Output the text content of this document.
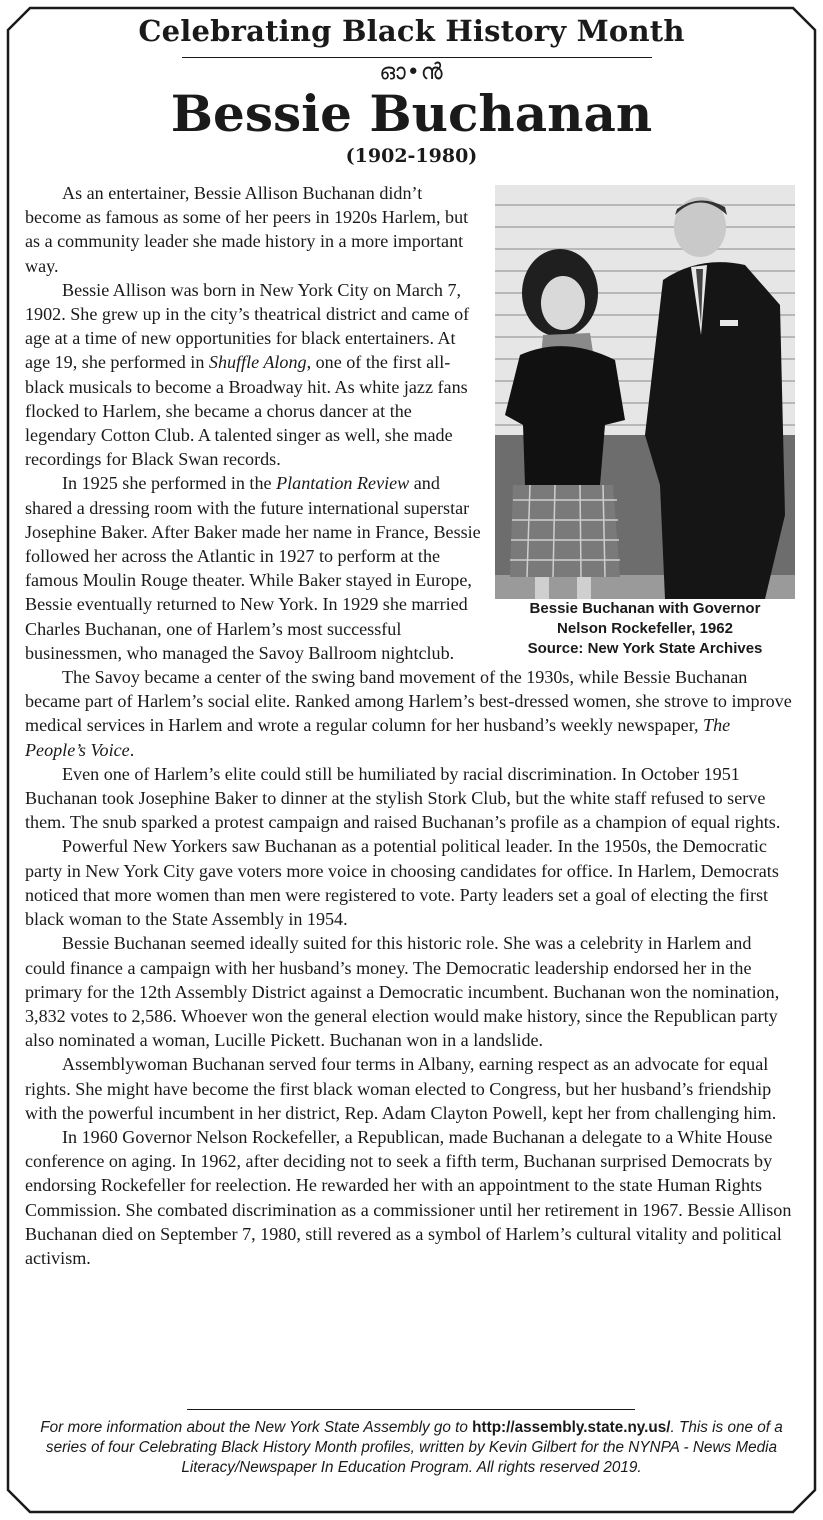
Celebrating Black History Month
ഓ•ൻ
Bessie Buchanan
(1902-1980)
Bessie Buchanan with Governor
Nelson Rockefeller, 1962
Source: New York State Archives

As an entertainer, Bessie Allison Buchanan didn’t become as famous as some of her peers in 1920s Harlem, but as a community leader she made history in a more important way.

Bessie Allison was born in New York City on March 7, 1902. She grew up in the city’s theatrical district and came of age at a time of new opportunities for black entertainers. At age 19, she performed in Shuffle Along, one of the first all-black musicals to become a Broadway hit. As white jazz fans flocked to Harlem, she became a chorus dancer at the legendary Cotton Club. A talented singer as well, she made recordings for Black Swan records.

In 1925 she performed in the Plantation Review and shared a dressing room with the future international superstar Josephine Baker. After Baker made her name in France, Bessie followed her across the Atlantic in 1927 to perform at the famous Moulin Rouge theater. While Baker stayed in Europe, Bessie eventually returned to New York. In 1929 she married Charles Buchanan, one of Harlem’s most successful businessmen, who managed the Savoy Ballroom nightclub.

The Savoy became a center of the swing band movement of the 1930s, while Bessie Buchanan became part of Harlem’s social elite. Ranked among Harlem’s best-dressed women, she strove to improve medical services in Harlem and wrote a regular column for her husband’s weekly newspaper, The People’s Voice.

Even one of Harlem’s elite could still be humiliated by racial discrimination. In October 1951 Buchanan took Josephine Baker to dinner at the stylish Stork Club, but the white staff refused to serve them. The snub sparked a protest campaign and raised Buchanan’s profile as a champion of equal rights.

Powerful New Yorkers saw Buchanan as a potential political leader. In the 1950s, the Democratic party in New York City gave voters more voice in choosing candidates for office. In Harlem, Democrats noticed that more women than men were registered to vote. Party leaders set a goal of electing the first black woman to the State Assembly in 1954.

Bessie Buchanan seemed ideally suited for this historic role. She was a celebrity in Harlem and could finance a campaign with her husband’s money. The Democratic leadership endorsed her in the primary for the 12th Assembly District against a Democratic incumbent. Buchanan won the nomination, 3,832 votes to 2,586. Whoever won the general election would make history, since the Republican party also nominated a woman, Lucille Pickett. Buchanan won in a landslide.

Assemblywoman Buchanan served four terms in Albany, earning respect as an advocate for equal rights. She might have become the first black woman elected to Congress, but her husband’s friendship with the powerful incumbent in her district, Rep. Adam Clayton Powell, kept her from challenging him.

In 1960 Governor Nelson Rockefeller, a Republican, made Buchanan a delegate to a White House conference on aging. In 1962, after deciding not to seek a fifth term, Buchanan surprised Democrats by endorsing Rockefeller for reelection. He rewarded her with an appointment to the state Human Rights Commission. She combated discrimination as a commissioner until her retirement in 1967. Bessie Allison Buchanan died on September 7, 1980, still revered as a symbol of Harlem’s cultural vitality and political activism.

For more information about the New York State Assembly go to http://assembly.state.ny.us/. This is one of a series of four Celebrating Black History Month profiles, written by Kevin Gilbert for the NYNPA - News Media Literacy/Newspaper In Education Program. All rights reserved 2019.
